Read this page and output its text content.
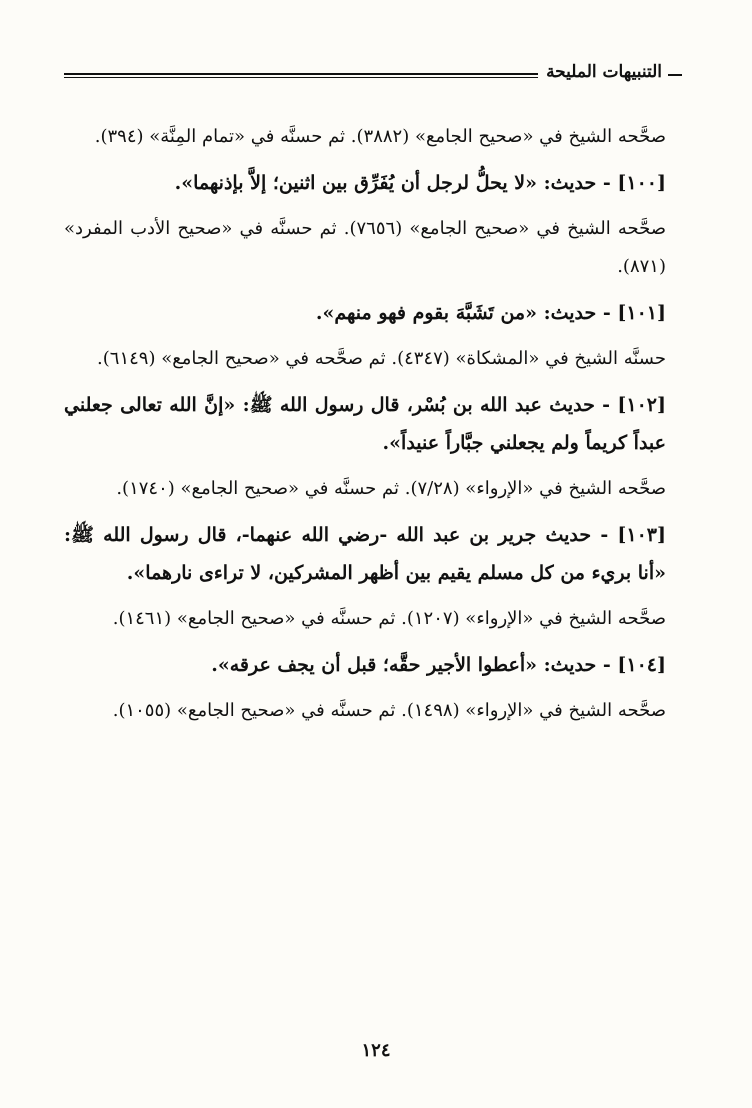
التنبيهات المليحة

صحَّحه الشيخ في «صحيح الجامع» (٣٨٨٢). ثم حسنَّه في «تمام المِنَّة» (٣٩٤).

[١٠٠] - حديث: «لا يحلُّ لرجل أن يُفَرِّق بين اثنين؛ إلاَّ بإذنهما».

صحَّحه الشيخ في «صحيح الجامع» (٧٦٥٦). ثم حسنَّه في «صحيح الأدب المفرد» (٨٧١).

[١٠١] - حديث: «من تَشَبَّهَ بقوم فهو منهم».

حسنَّه الشيخ في «المشكاة» (٤٣٤٧). ثم صحَّحه في «صحيح الجامع» (٦١٤٩).

[١٠٢] - حديث عبد الله بن بُسْر، قال رسول الله ﷺ: «إنَّ الله تعالى جعلني عبداً كريماً ولم يجعلني جبَّاراً عنيداً».

صحَّحه الشيخ في «الإرواء» (٧/٢٨). ثم حسنَّه في «صحيح الجامع» (١٧٤٠).

[١٠٣] - حديث جرير بن عبد الله -رضي الله عنهما-، قال رسول الله ﷺ: «أنا بريء من كل مسلم يقيم بين أظهر المشركين، لا تراءى نارهما».

صحَّحه الشيخ في «الإرواء» (١٢٠٧). ثم حسنَّه في «صحيح الجامع» (١٤٦١).

[١٠٤] - حديث: «أعطوا الأجير حقَّه؛ قبل أن يجف عرقه».

صحَّحه الشيخ في «الإرواء» (١٤٩٨). ثم حسنَّه في «صحيح الجامع» (١٠٥٥).

١٢٤
